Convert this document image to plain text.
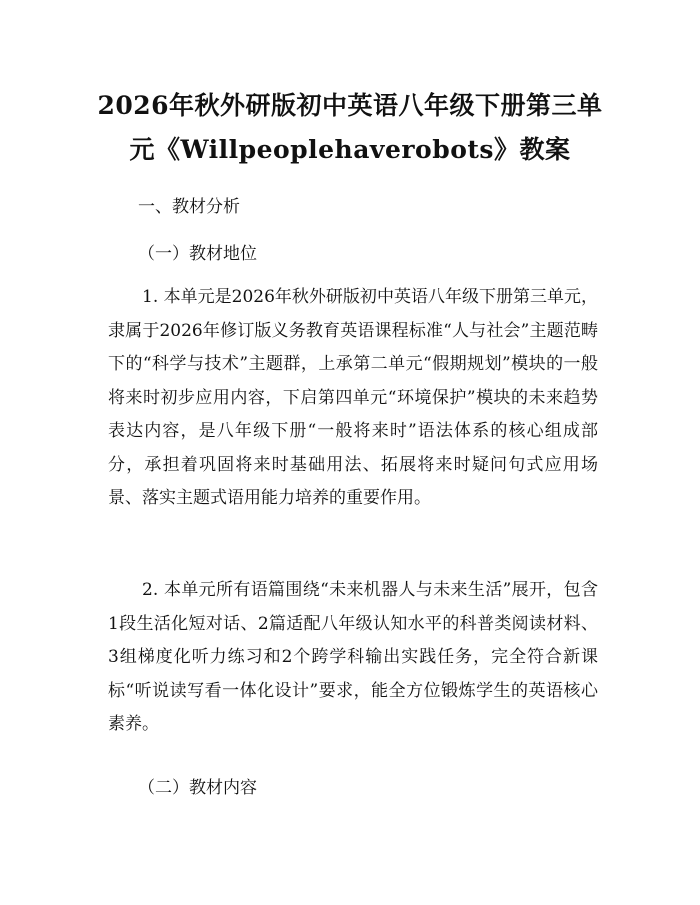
2026年秋外研版初中英语八年级下册第三单
元《Willpeoplehaverobots》教案
一、教材分析
（一）教材地位

1. 本单元是2026年秋外研版初中英语八年级下册第三单元，隶属于2026年修订版义务教育英语课程标准“人与社会”主题范畴下的“科学与技术”主题群，上承第二单元“假期规划”模块的一般将来时初步应用内容，下启第四单元“环境保护”模块的未来趋势表达内容，是八年级下册“一般将来时”语法体系的核心组成部分，承担着巩固将来时基础用法、拓展将来时疑问句式应用场景、落实主题式语用能力培养的重要作用。

2. 本单元所有语篇围绕“未来机器人与未来生活”展开，包含1段生活化短对话、2篇适配八年级认知水平的科普类阅读材料、3组梯度化听力练习和2个跨学科输出实践任务，完全符合新课标“听说读写看一体化设计”要求，能全方位锻炼学生的英语核心素养。

（二）教材内容
